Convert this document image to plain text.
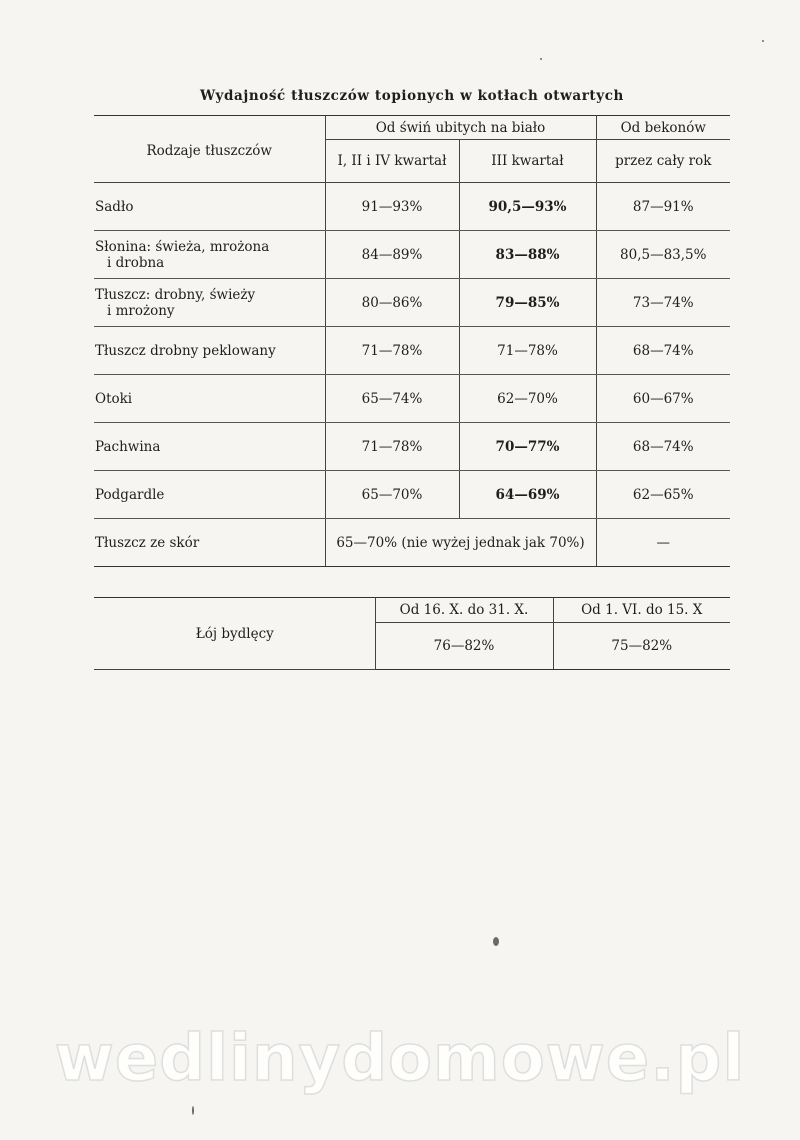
Wydajność tłuszczów topionych w kotłach otwartych
Rodzaje tłuszczów	Od świń ubitych na biało		Od bekonów
	I, II i IV kwartał	III kwartał	przez cały rok
Sadło	91—93%	90,5—93%	87—91%

Słonina: świeża, mrożona
i drobna	84—89%	83—88%	80,5—83,5%

Tłuszcz: drobny, świeży
i mrożony	80—86%	79—85%	73—74%
Tłuszcz drobny peklowany	71—78%	71—78%	68—74%
Otoki	65—74%	62—70%	60—67%
Pachwina	71—78%	70—77%	68—74%
Podgardle	65—70%	64—69%	62—65%
Tłuszcz ze skór	65—70% (nie wyżej jednak jak 70%)		—
Łój bydlęcy	Od 16. X. do 31. X.	Od 1. VI. do 15. X
	76—82%	75—82%
wedlinydomowe.pl
